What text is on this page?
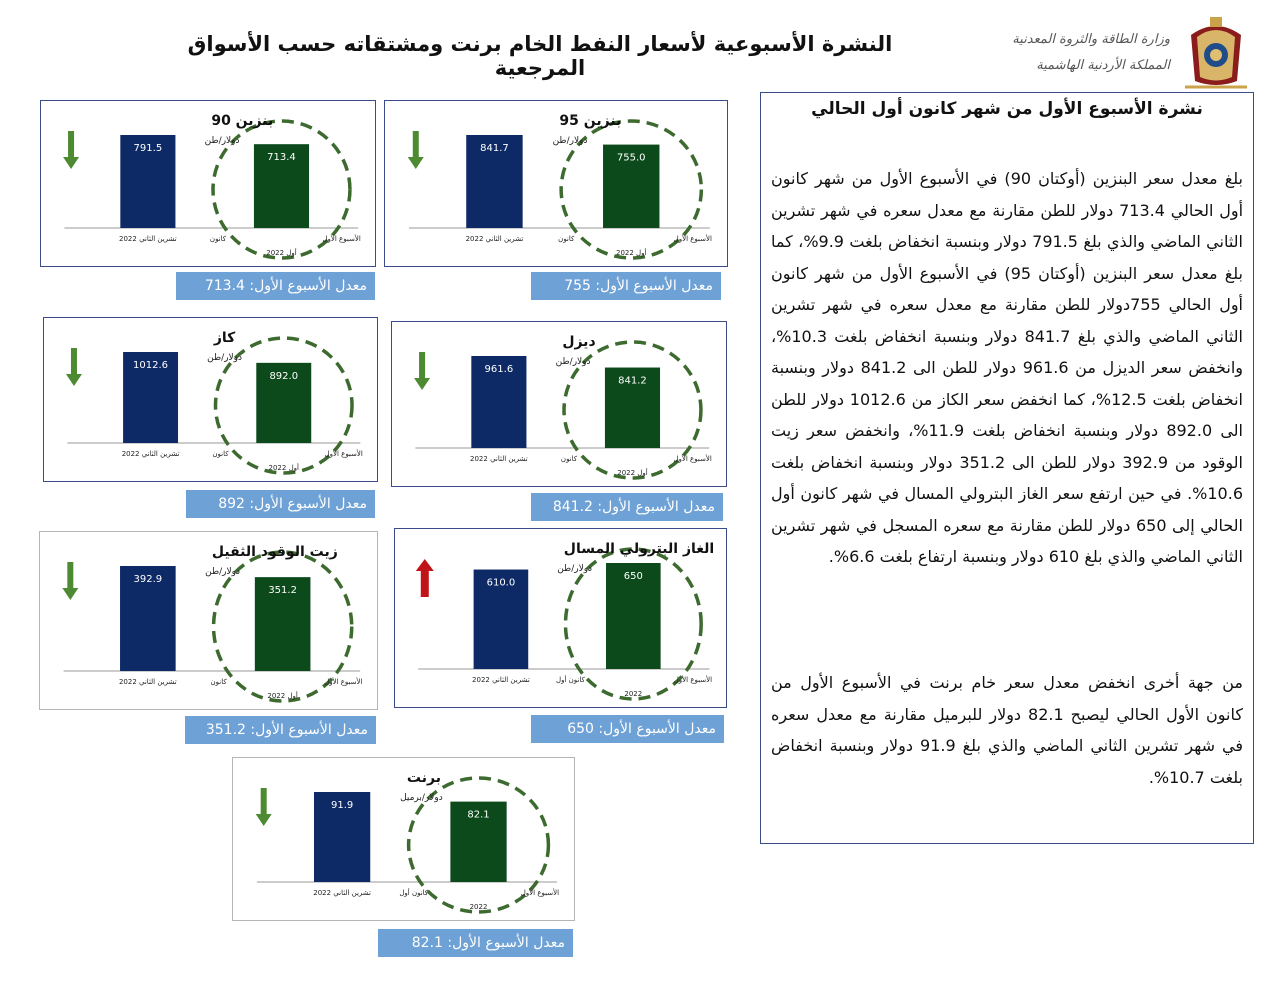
النشرة الأسبوعية لأسعار النفط الخام برنت ومشتقاته حسب الأسواق المرجعية
وزارة الطاقة والثروة المعدنية
المملكة الأردنية الهاشمية
791.5
713.4
تشرين الثاني 2022	كانون	الأسبوع الأول
أول 2022
بنزين 90
دولار/طن
معدل الأسبوع الأول: 713.4
841.7
755.0
تشرين الثاني 2022	كانون	الأسبوع الأول
أول 2022
بنزين 95
دولار/طن
معدل الأسبوع الأول: 755
1012.6
892.0
تشرين الثاني 2022	كانون	الأسبوع الأول
أول 2022
كاز
دولار/طن
معدل الأسبوع الأول: 892
961.6
841.2
تشرين الثاني 2022	كانون	الأسبوع الأول
أول 2022
ديزل
دولار/طن
معدل الأسبوع الأول: 841.2
392.9
351.2
تشرين الثاني 2022	كانون	الأسبوع الأول
أول 2022
زيت الوقود الثقيل
دولار/طن
معدل الأسبوع الأول: 351.2
610.0
650
تشرين الثاني 2022	كانون أول	الأسبوع الأول
2022
الغاز البترولي المسال
دولار/طن
معدل الأسبوع الأول: 650
91.9
82.1
تشرين الثاني 2022	كانون أول	الأسبوع الأول
2022
برنت
دولار/برميل
معدل الأسبوع الأول: 82.1
نشرة الأسبوع الأول من شهر كانون أول الحالي

بلغ معدل سعر البنزين (أوكتان 90) في الأسبوع الأول من شهر كانون أول الحالي 713.4 دولار للطن مقارنة مع معدل سعره في شهر تشرين الثاني الماضي والذي بلغ 791.5 دولار وبنسبة انخفاض بلغت 9.9%، كما بلغ معدل سعر البنزين (أوكتان 95) في الأسبوع الأول من شهر كانون أول الحالي 755دولار للطن مقارنة مع معدل سعره في شهر تشرين الثاني الماضي والذي بلغ 841.7 دولار وبنسبة انخفاض بلغت 10.3%، وانخفض سعر الديزل من 961.6 دولار للطن الى 841.2 دولار وبنسبة انخفاض بلغت 12.5%، كما انخفض سعر الكاز من 1012.6 دولار للطن الى 892.0 دولار وبنسبة انخفاض بلغت 11.9%، وانخفض سعر زيت الوقود من 392.9 دولار للطن الى 351.2 دولار وبنسبة انخفاض بلغت 10.6%. في حين ارتفع سعر الغاز البترولي المسال في شهر كانون أول الحالي إلى 650 دولار للطن مقارنة مع سعره المسجل في شهر تشرين الثاني الماضي والذي بلغ 610 دولار وبنسبة ارتفاع بلغت 6.6%.

من جهة أخرى انخفض معدل سعر خام برنت في الأسبوع الأول من كانون الأول الحالي ليصبح 82.1 دولار للبرميل مقارنة مع معدل سعره في شهر تشرين الثاني الماضي والذي بلغ 91.9 دولار وبنسبة انخفاض بلغت 10.7%.
